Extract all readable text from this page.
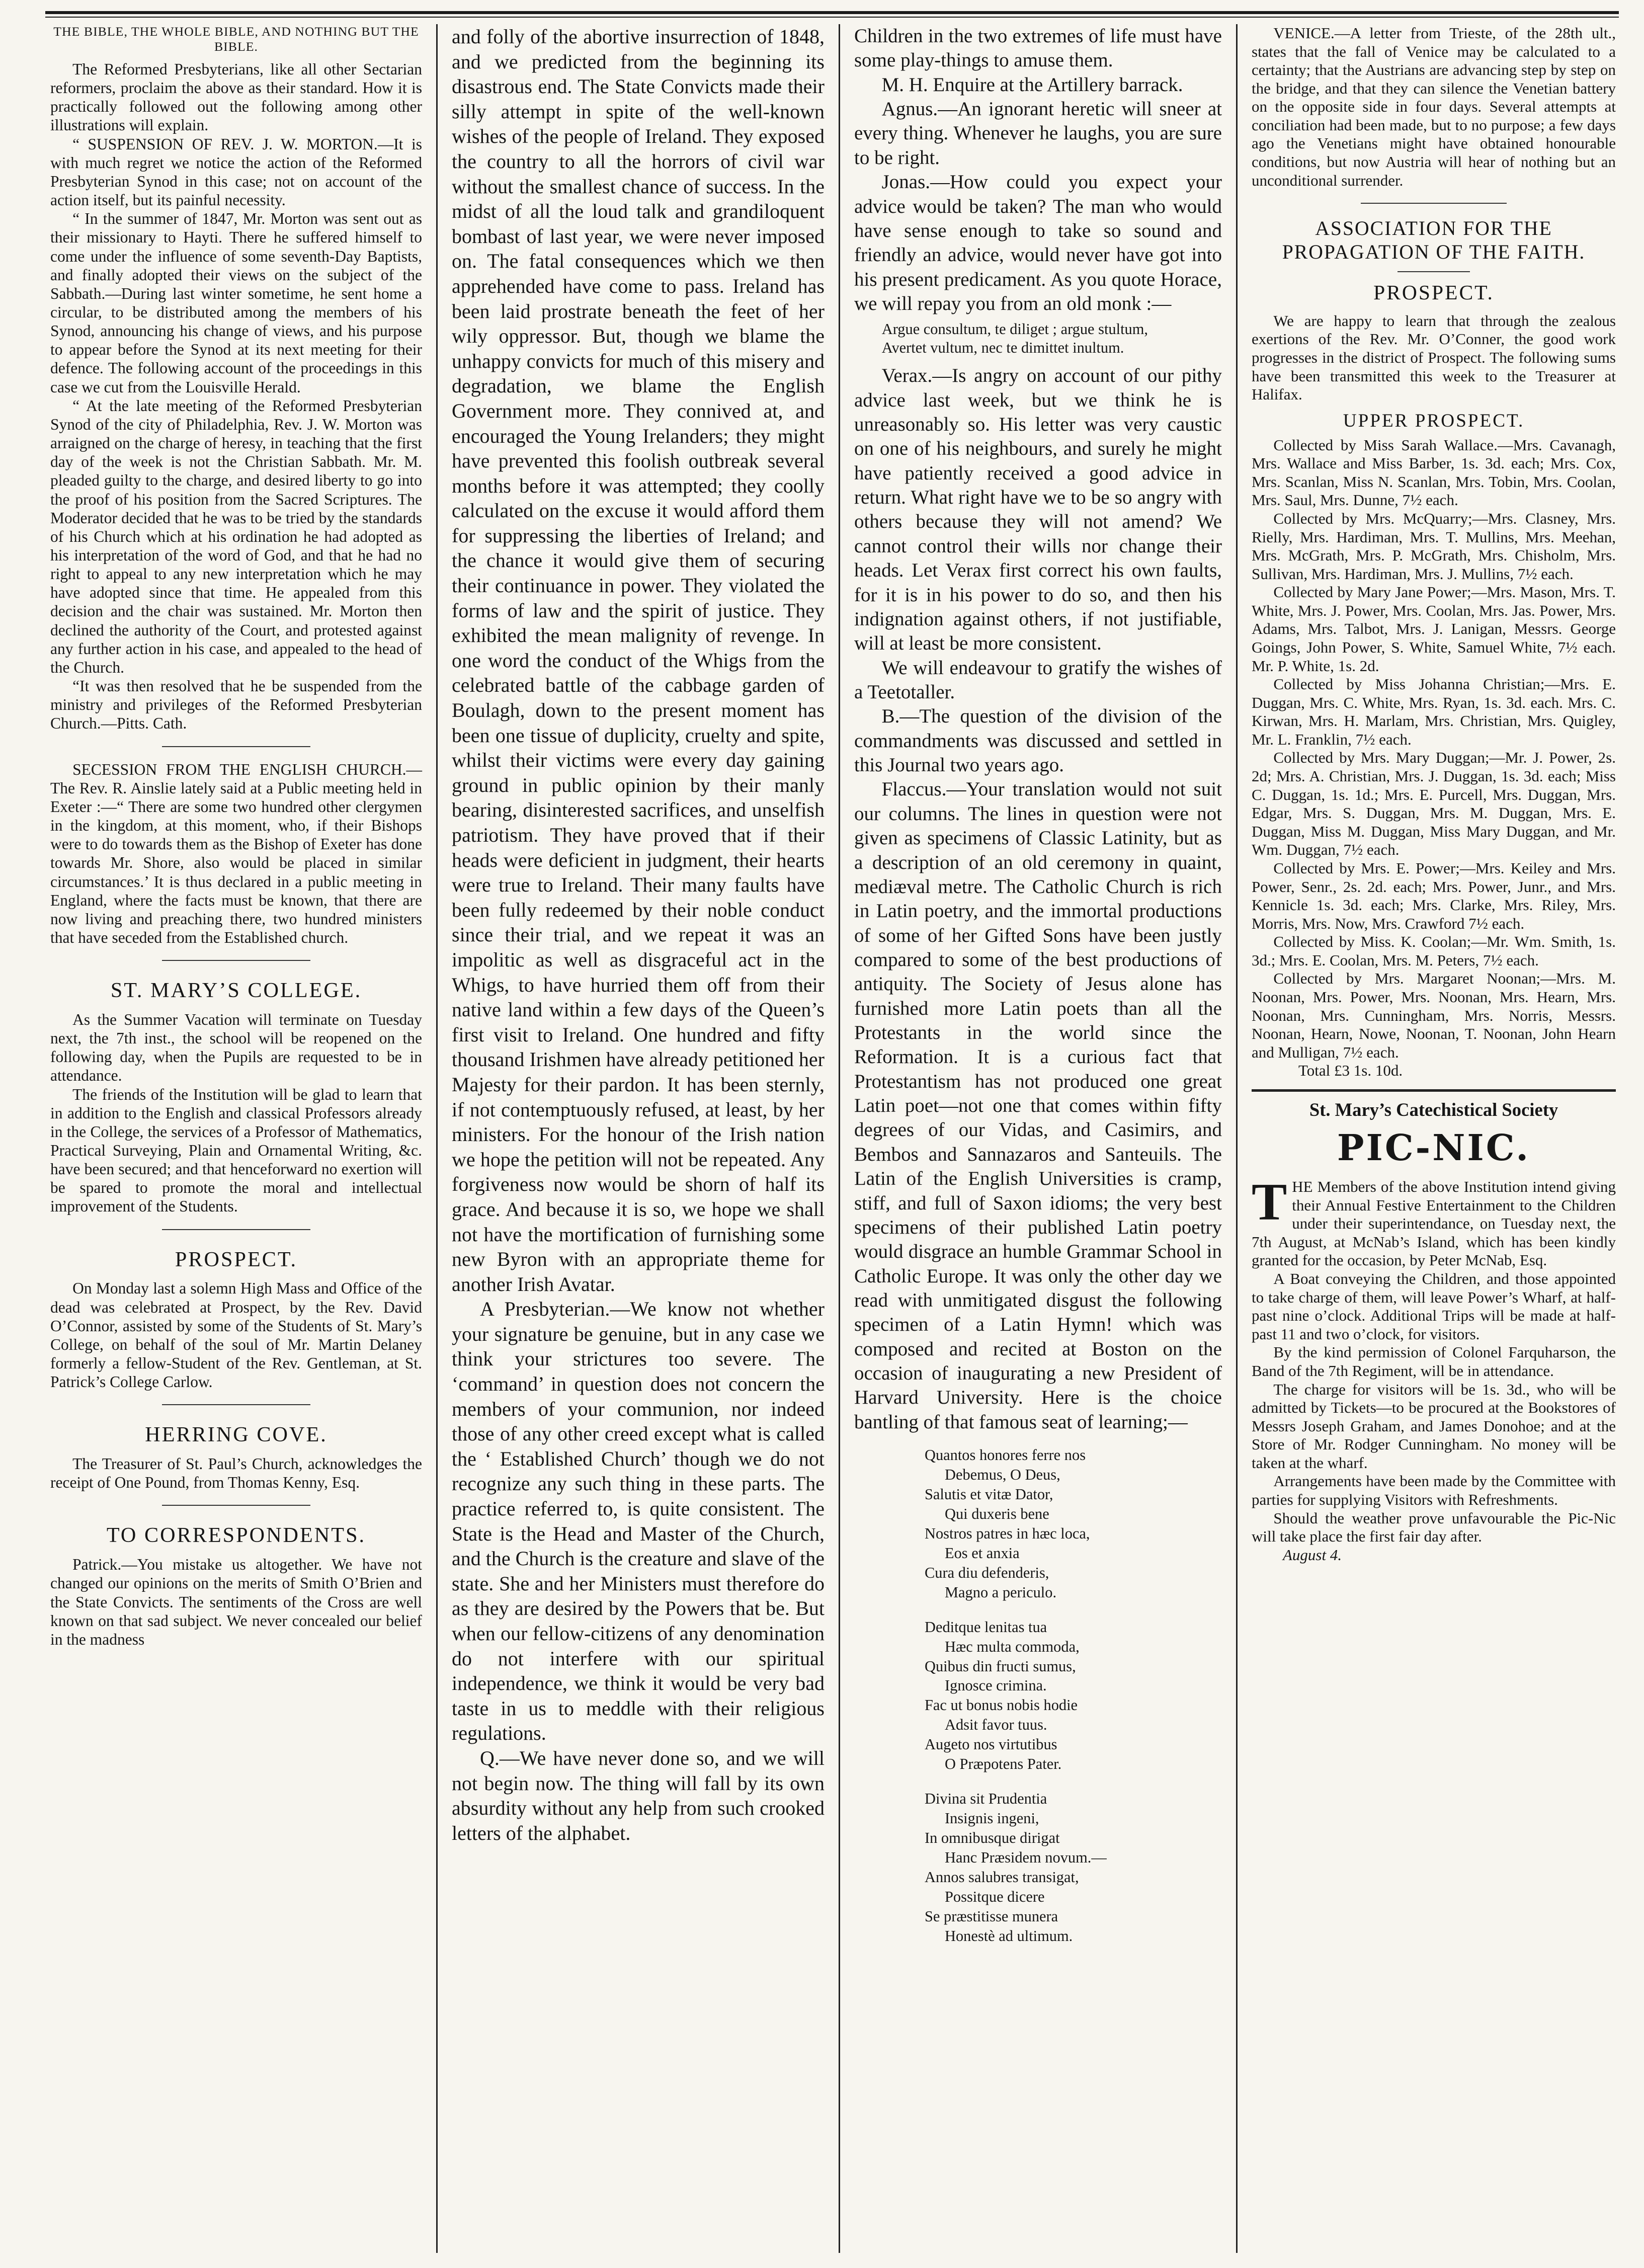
THE BIBLE, THE WHOLE BIBLE, AND NOTHING BUT THE BIBLE.

The Reformed Presbyterians, like all other Sectarian reformers, proclaim the above as their standard. How it is practically followed out the following among other illustrations will explain.

“ SUSPENSION OF REV. J. W. MORTON.—It is with much regret we notice the action of the Reformed Presbyterian Synod in this case; not on account of the action itself, but its painful necessity.

“ In the summer of 1847, Mr. Morton was sent out as their missionary to Hayti. There he suffered himself to come under the influence of some seventh-Day Baptists, and finally adopted their views on the subject of the Sabbath.—During last winter sometime, he sent home a circular, to be distributed among the members of his Synod, announcing his change of views, and his purpose to appear before the Synod at its next meeting for their defence. The following account of the proceedings in this case we cut from the Louisville Herald.

“ At the late meeting of the Reformed Presbyterian Synod of the city of Philadelphia, Rev. J. W. Morton was arraigned on the charge of heresy, in teaching that the first day of the week is not the Christian Sabbath. Mr. M. pleaded guilty to the charge, and desired liberty to go into the proof of his position from the Sacred Scriptures. The Moderator decided that he was to be tried by the standards of his Church which at his ordination he had adopted as his interpretation of the word of God, and that he had no right to appeal to any new interpretation which he may have adopted since that time. He appealed from this decision and the chair was sustained. Mr. Morton then declined the authority of the Court, and protested against any further action in his case, and appealed to the head of the Church.

“It was then resolved that he be suspended from the ministry and privileges of the Reformed Presbyterian Church.—Pitts. Cath.

SECESSION FROM THE ENGLISH CHURCH.—The Rev. R. Ainslie lately said at a Public meeting held in Exeter :—“ There are some two hundred other clergymen in the kingdom, at this moment, who, if their Bishops were to do towards them as the Bishop of Exeter has done towards Mr. Shore, also would be placed in similar circumstances.’ It is thus declared in a public meeting in England, where the facts must be known, that there are now living and preaching there, two hundred ministers that have seceded from the Established church.

ST. MARY’S COLLEGE.

As the Summer Vacation will terminate on Tuesday next, the 7th inst., the school will be reopened on the following day, when the Pupils are requested to be in attendance.

The friends of the Institution will be glad to learn that in addition to the English and classical Professors already in the College, the services of a Professor of Mathematics, Practical Surveying, Plain and Ornamental Writing, &c. have been secured; and that henceforward no exertion will be spared to promote the moral and intellectual improvement of the Students.

PROSPECT.

On Monday last a solemn High Mass and Office of the dead was celebrated at Prospect, by the Rev. David O’Connor, assisted by some of the Students of St. Mary’s College, on behalf of the soul of Mr. Martin Delaney formerly a fellow-Student of the Rev. Gentleman, at St. Patrick’s College Carlow.

HERRING COVE.

The Treasurer of St. Paul’s Church, acknowledges the receipt of One Pound, from Thomas Kenny, Esq.

TO CORRESPONDENTS.

Patrick.—You mistake us altogether. We have not changed our opinions on the merits of Smith O’Brien and the State Convicts. The sentiments of the Cross are well known on that sad subject. We never concealed our belief in the madness

and folly of the abortive insurrection of 1848, and we predicted from the beginning its disastrous end. The State Convicts made their silly attempt in spite of the well-known wishes of the people of Ireland. They exposed the country to all the horrors of civil war without the smallest chance of success. In the midst of all the loud talk and grandiloquent bombast of last year, we were never imposed on. The fatal consequences which we then apprehended have come to pass. Ireland has been laid prostrate beneath the feet of her wily oppressor. But, though we blame the unhappy convicts for much of this misery and degradation, we blame the English Government more. They connived at, and encouraged the Young Irelanders; they might have prevented this foolish outbreak several months before it was attempted; they coolly calculated on the excuse it would afford them for suppressing the liberties of Ireland; and the chance it would give them of securing their continuance in power. They violated the forms of law and the spirit of justice. They exhibited the mean malignity of revenge. In one word the conduct of the Whigs from the celebrated battle of the cabbage garden of Boulagh, down to the present moment has been one tissue of duplicity, cruelty and spite, whilst their victims were every day gaining ground in public opinion by their manly bearing, disinterested sacrifices, and unselfish patriotism. They have proved that if their heads were deficient in judgment, their hearts were true to Ireland. Their many faults have been fully redeemed by their noble conduct since their trial, and we repeat it was an impolitic as well as disgraceful act in the Whigs, to have hurried them off from their native land within a few days of the Queen’s first visit to Ireland. One hundred and fifty thousand Irishmen have already petitioned her Majesty for their pardon. It has been sternly, if not contemptuously refused, at least, by her ministers. For the honour of the Irish nation we hope the petition will not be repeated. Any forgiveness now would be shorn of half its grace. And because it is so, we hope we shall not have the mortification of furnishing some new Byron with an appropriate theme for another Irish Avatar.

A Presbyterian.—We know not whether your signature be genuine, but in any case we think your strictures too severe. The ‘command’ in question does not concern the members of your communion, nor indeed those of any other creed except what is called the ‘ Established Church’ though we do not recognize any such thing in these parts. The practice referred to, is quite consistent. The State is the Head and Master of the Church, and the Church is the creature and slave of the state. She and her Ministers must therefore do as they are desired by the Powers that be. But when our fellow-citizens of any denomination do not interfere with our spiritual independence, we think it would be very bad taste in us to meddle with their religious regulations.

Q.—We have never done so, and we will not begin now. The thing will fall by its own absurdity without any help from such crooked letters of the alphabet.

Children in the two extremes of life must have some play-things to amuse them.

M. H. Enquire at the Artillery barrack.

Agnus.—An ignorant heretic will sneer at every thing. Whenever he laughs, you are sure to be right.

Jonas.—How could you expect your advice would be taken? The man who would have sense enough to take so sound and friendly an advice, would never have got into his present predicament. As you quote Horace, we will repay you from an old monk :—

Argue consultum, te diliget ; argue stultum,
Avertet vultum, nec te dimittet inultum.

Verax.—Is angry on account of our pithy advice last week, but we think he is unreasonably so. His letter was very caustic on one of his neighbours, and surely he might have patiently received a good advice in return. What right have we to be so angry with others because they will not amend? We cannot control their wills nor change their heads. Let Verax first correct his own faults, for it is in his power to do so, and then his indignation against others, if not justifiable, will at least be more consistent.

We will endeavour to gratify the wishes of a Teetotaller.

B.—The question of the division of the commandments was discussed and settled in this Journal two years ago.

Flaccus.—Your translation would not suit our columns. The lines in question were not given as specimens of Classic Latinity, but as a description of an old ceremony in quaint, mediæval metre. The Catholic Church is rich in Latin poetry, and the immortal productions of some of her Gifted Sons have been justly compared to some of the best productions of antiquity. The Society of Jesus alone has furnished more Latin poets than all the Protestants in the world since the Reformation. It is a curious fact that Protestantism has not produced one great Latin poet—not one that comes within fifty degrees of our Vidas, and Casimirs, and Bembos and Sannazaros and Santeuils. The Latin of the English Universities is cramp, stiff, and full of Saxon idioms; the very best specimens of their published Latin poetry would disgrace an humble Grammar School in Catholic Europe. It was only the other day we read with unmitigated disgust the following specimen of a Latin Hymn! which was composed and recited at Boston on the occasion of inaugurating a new President of Harvard University. Here is the choice bantling of that famous seat of learning;—

Quantos honores ferre nos
Debemus, O Deus,
Salutis et vitæ Dator,
Qui duxeris bene
Nostros patres in hæc loca,
Eos et anxia
Cura diu defenderis,
Magno a periculo.
Deditque lenitas tua
Hæc multa commoda,
Quibus din fructi sumus,
Ignosce crimina.
Fac ut bonus nobis hodie
Adsit favor tuus.
Augeto nos virtutibus
O Præpotens Pater.
Divina sit Prudentia
Insignis ingeni,
In omnibusque dirigat
Hanc Præsidem novum.—
Annos salubres transigat,
Possitque dicere
Se præstitisse munera
Honestè ad ultimum.

VENICE.—A letter from Trieste, of the 28th ult., states that the fall of Venice may be calculated to a certainty; that the Austrians are advancing step by step on the bridge, and that they can silence the Venetian battery on the opposite side in four days. Several attempts at conciliation had been made, but to no purpose; a few days ago the Venetians might have obtained honourable conditions, but now Austria will hear of nothing but an unconditional surrender.

ASSOCIATION FOR THE PROPAGATION OF THE FAITH.
PROSPECT.

We are happy to learn that through the zealous exertions of the Rev. Mr. O’Conner, the good work progresses in the district of Prospect. The following sums have been transmitted this week to the Treasurer at Halifax.

UPPER PROSPECT.

Collected by Miss Sarah Wallace.—Mrs. Cavanagh, Mrs. Wallace and Miss Barber, 1s. 3d. each; Mrs. Cox, Mrs. Scanlan, Miss N. Scanlan, Mrs. Tobin, Mrs. Coolan, Mrs. Saul, Mrs. Dunne, 7½ each.

Collected by Mrs. McQuarry;—Mrs. Clasney, Mrs. Rielly, Mrs. Hardiman, Mrs. T. Mullins, Mrs. Meehan, Mrs. McGrath, Mrs. P. McGrath, Mrs. Chisholm, Mrs. Sullivan, Mrs. Hardiman, Mrs. J. Mullins, 7½ each.

Collected by Mary Jane Power;—Mrs. Mason, Mrs. T. White, Mrs. J. Power, Mrs. Coolan, Mrs. Jas. Power, Mrs. Adams, Mrs. Talbot, Mrs. J. Lanigan, Messrs. George Goings, John Power, S. White, Samuel White, 7½ each. Mr. P. White, 1s. 2d.

Collected by Miss Johanna Christian;—Mrs. E. Duggan, Mrs. C. White, Mrs. Ryan, 1s. 3d. each. Mrs. C. Kirwan, Mrs. H. Marlam, Mrs. Christian, Mrs. Quigley, Mr. L. Franklin, 7½ each.

Collected by Mrs. Mary Duggan;—Mr. J. Power, 2s. 2d; Mrs. A. Christian, Mrs. J. Duggan, 1s. 3d. each; Miss C. Duggan, 1s. 1d.; Mrs. E. Purcell, Mrs. Duggan, Mrs. Edgar, Mrs. S. Duggan, Mrs. M. Duggan, Mrs. E. Duggan, Miss M. Duggan, Miss Mary Duggan, and Mr. Wm. Duggan, 7½ each.

Collected by Mrs. E. Power;—Mrs. Keiley and Mrs. Power, Senr., 2s. 2d. each; Mrs. Power, Junr., and Mrs. Kennicle 1s. 3d. each; Mrs. Clarke, Mrs. Riley, Mrs. Morris, Mrs. Now, Mrs. Crawford 7½ each.

Collected by Miss. K. Coolan;—Mr. Wm. Smith, 1s. 3d.; Mrs. E. Coolan, Mrs. M. Peters, 7½ each.

Collected by Mrs. Margaret Noonan;—Mrs. M. Noonan, Mrs. Power, Mrs. Noonan, Mrs. Hearn, Mrs. Noonan, Mrs. Cunningham, Mrs. Norris, Messrs. Noonan, Hearn, Nowe, Noonan, T. Noonan, John Hearn and Mulligan, 7½ each.

Total £3 1s. 10d.

St. Mary’s Catechistical Society

PIC-NIC.

THE Members of the above Institution intend giving their Annual Festive Entertainment to the Children under their superintendance, on Tuesday next, the 7th August, at McNab’s Island, which has been kindly granted for the occasion, by Peter McNab, Esq.

A Boat conveying the Children, and those appointed to take charge of them, will leave Power’s Wharf, at half-past nine o’clock. Additional Trips will be made at half-past 11 and two o’clock, for visitors.

By the kind permission of Colonel Farquharson, the Band of the 7th Regiment, will be in attendance.

The charge for visitors will be 1s. 3d., who will be admitted by Tickets—to be procured at the Bookstores of Messrs Joseph Graham, and James Donohoe; and at the Store of Mr. Rodger Cunningham. No money will be taken at the wharf.

Arrangements have been made by the Committee with parties for supplying Visitors with Refreshments.

Should the weather prove unfavourable the Pic-Nic will take place the first fair day after.

August 4.
